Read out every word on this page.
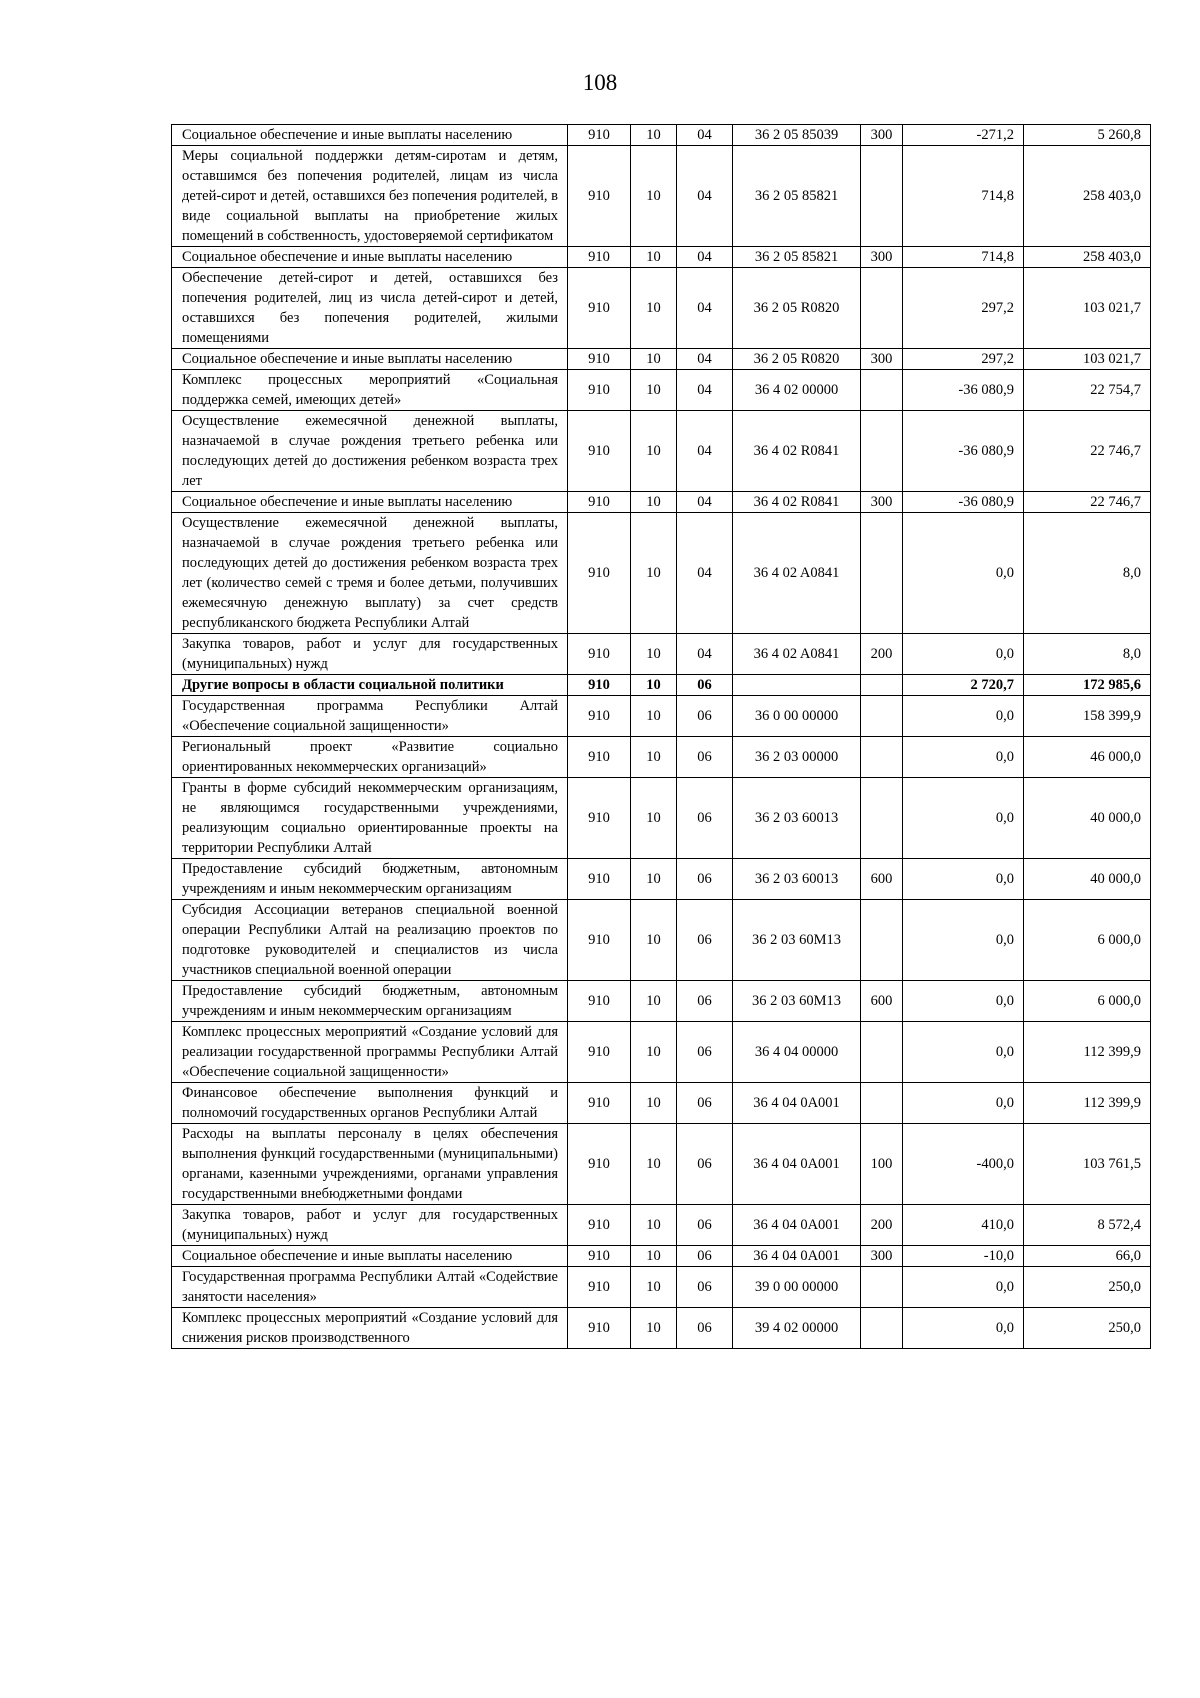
108
Социальное обеспечение и иные выплаты населению	910	10	04	36 2 05 85039	300	-271,2	5 260,8
Меры социальной поддержки детям-сиротам и детям, оставшимся без попечения родителей, лицам из числа детей-сирот и детей, оставшихся без попечения родителей, в виде социальной выплаты на приобретение жилых помещений в собственность, удостоверяемой сертификатом	910	10	04	36 2 05 85821		714,8	258 403,0
Социальное обеспечение и иные выплаты населению	910	10	04	36 2 05 85821	300	714,8	258 403,0
Обеспечение детей-сирот и детей, оставшихся без попечения родителей, лиц из числа детей-сирот и детей, оставшихся без попечения родителей, жилыми помещениями	910	10	04	36 2 05 R0820		297,2	103 021,7
Социальное обеспечение и иные выплаты населению	910	10	04	36 2 05 R0820	300	297,2	103 021,7
Комплекс процессных мероприятий «Социальная поддержка семей, имеющих детей»	910	10	04	36 4 02 00000		-36 080,9	22 754,7
Осуществление ежемесячной денежной выплаты, назначаемой в случае рождения третьего ребенка или последующих детей до достижения ребенком возраста трех лет	910	10	04	36 4 02 R0841		-36 080,9	22 746,7
Социальное обеспечение и иные выплаты населению	910	10	04	36 4 02 R0841	300	-36 080,9	22 746,7
Осуществление ежемесячной денежной выплаты, назначаемой в случае рождения третьего ребенка или последующих детей до достижения ребенком возраста трех лет (количество семей с тремя и более детьми, получивших ежемесячную денежную выплату) за счет средств республиканского бюджета Республики Алтай	910	10	04	36 4 02 A0841		0,0	8,0
Закупка товаров, работ и услуг для государственных (муниципальных) нужд	910	10	04	36 4 02 A0841	200	0,0	8,0
Другие вопросы в области социальной политики	910	10	06			2 720,7	172 985,6
Государственная программа Республики Алтай «Обеспечение социальной защищенности»	910	10	06	36 0 00 00000		0,0	158 399,9
Региональный проект «Развитие социально ориентированных некоммерческих организаций»	910	10	06	36 2 03 00000		0,0	46 000,0
Гранты в форме субсидий некоммерческим организациям, не являющимся государственными учреждениями, реализующим социально ориентированные проекты на территории Республики Алтай	910	10	06	36 2 03 60013		0,0	40 000,0
Предоставление субсидий бюджетным, автономным учреждениям и иным некоммерческим организациям	910	10	06	36 2 03 60013	600	0,0	40 000,0
Субсидия Ассоциации ветеранов специальной военной операции Республики Алтай на реализацию проектов по подготовке руководителей и специалистов из числа участников специальной военной операции	910	10	06	36 2 03 60M13		0,0	6 000,0
Предоставление субсидий бюджетным, автономным учреждениям и иным некоммерческим организациям	910	10	06	36 2 03 60M13	600	0,0	6 000,0
Комплекс процессных мероприятий «Создание условий для реализации государственной программы Республики Алтай «Обеспечение социальной защищенности»	910	10	06	36 4 04 00000		0,0	112 399,9
Финансовое обеспечение выполнения функций и полномочий государственных органов Республики Алтай	910	10	06	36 4 04 0A001		0,0	112 399,9
Расходы на выплаты персоналу в целях обеспечения выполнения функций государственными (муниципальными) органами, казенными учреждениями, органами управления государственными внебюджетными фондами	910	10	06	36 4 04 0A001	100	-400,0	103 761,5
Закупка товаров, работ и услуг для государственных (муниципальных) нужд	910	10	06	36 4 04 0A001	200	410,0	8 572,4
Социальное обеспечение и иные выплаты населению	910	10	06	36 4 04 0A001	300	-10,0	66,0
Государственная программа Республики Алтай «Содействие занятости населения»	910	10	06	39 0 00 00000		0,0	250,0
Комплекс процессных мероприятий «Создание условий для снижения рисков производственного	910	10	06	39 4 02 00000		0,0	250,0
